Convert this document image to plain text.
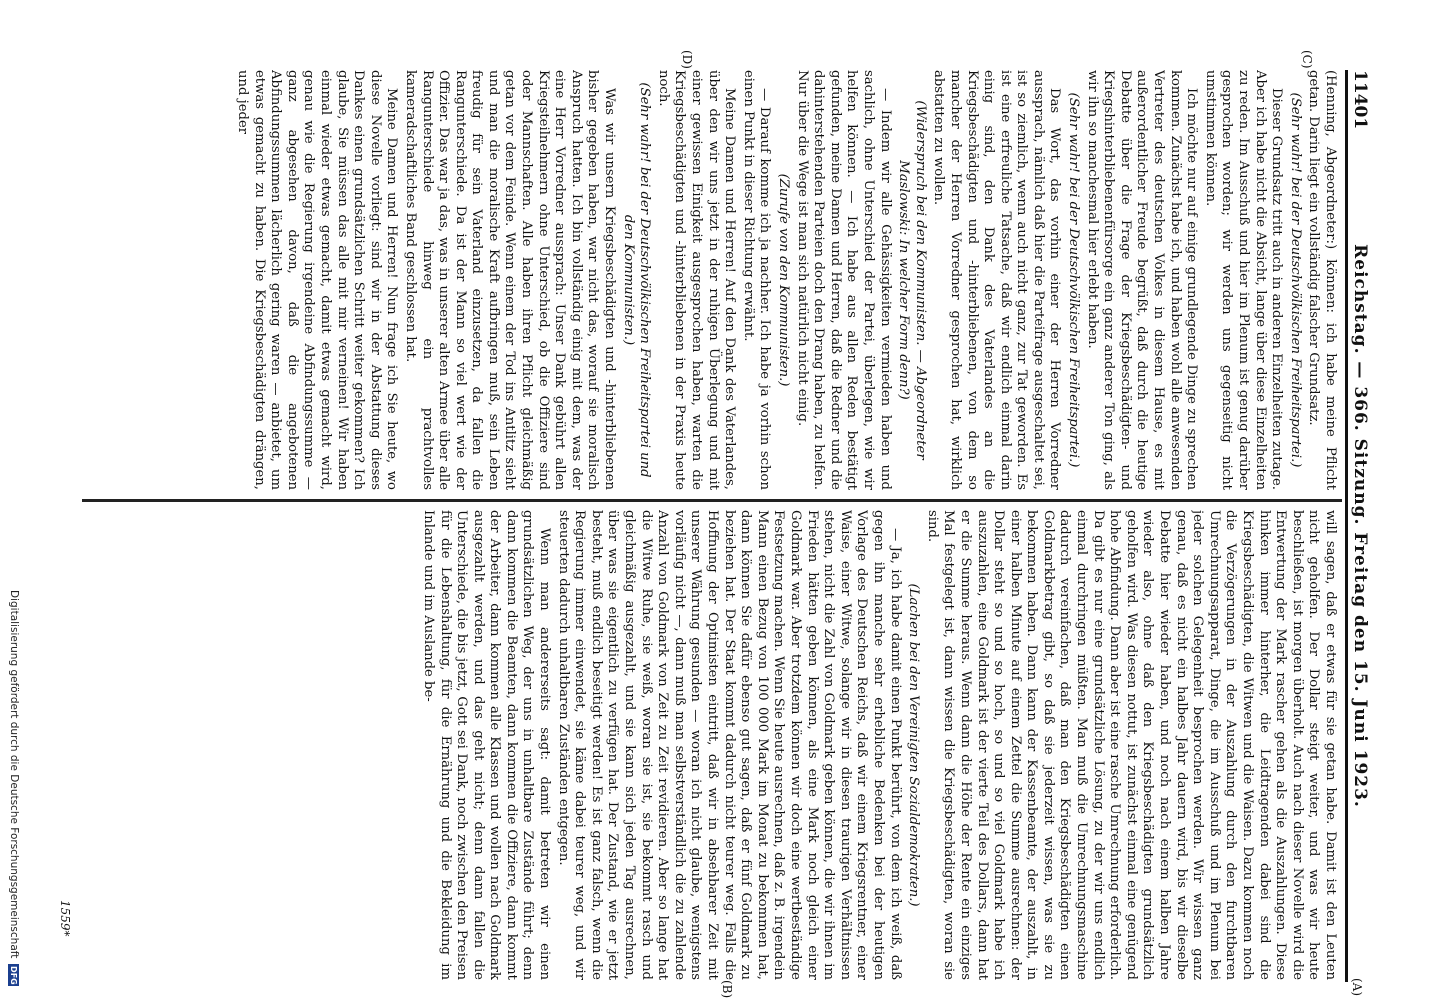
11401
Reichstag. — 366. Sitzung. Freitag den 15. Juni 1923.
(C)
(D)
(A)
(B)

(Henning, Abgeordneter:) können: ich habe meine Pflicht getan. Darin liegt ein vollständig falscher Grundsatz.

(Sehr wahr! bei der Deutschvölkischen Freiheitspartei.)

Dieser Grundsatz tritt auch in anderen Einzelheiten zutage. Aber ich habe nicht die Absicht, lange über diese Einzelheiten zu reden. Im Ausschuß und hier im Plenum ist genug darüber gesprochen worden; wir werden uns gegenseitig nicht umstimmen können.

Ich möchte nur auf einige grundlegende Dinge zu sprechen kommen. Zunächst habe ich, und haben wohl alle anwesenden Vertreter des deutschen Volkes in diesem Hause, es mit außerordentlicher Freude begrüßt, daß durch die heutige Debatte über die Frage der Kriegsbeschädigten- und Kriegshinterbliebenenfürsorge ein ganz anderer Ton ging, als wir ihn so manchesmal hier erlebt haben.

(Sehr wahr! bei der Deutschvölkischen Freiheitspartei.)

Das Wort, das vorhin einer der Herren Vorredner aussprach, nämlich daß hier die Parteifrage ausgeschaltet sei, ist so ziemlich, wenn auch nicht ganz, zur Tat geworden. Es ist eine erfreuliche Tatsache, daß wir endlich einmal darin einig sind, den Dank des Vaterlandes an die Kriegsbeschädigten und -hinterbliebenen, von dem so mancher der Herren Vorredner gesprochen hat, wirklich abstatten zu wollen.

(Widerspruch bei den Kommunisten. — Abgeordneter Maslowski: In welcher Form denn?)

— Indem wir alle Gehässigkeiten vermieden haben und sachlich, ohne Unterschied der Partei, überlegen, wie wir helfen können. — Ich habe aus allen Reden bestätigt gefunden, meine Damen und Herren, daß die Redner und die dahinterstehenden Parteien doch den Drang haben, zu helfen. Nur über die Wege ist man sich natürlich nicht einig.

(Zurufe von den Kommunisten.)

— Darauf komme ich ja nachher. Ich habe ja vorhin schon einen Punkt in dieser Richtung erwähnt.

Meine Damen und Herren! Auf den Dank des Vaterlandes, über den wir uns jetzt in der ruhigen Überlegung und mit einer gewissen Einigkeit ausgesprochen haben, warten die Kriegsbeschädigten und -hinterbliebenen in der Praxis heute noch.

(Sehr wahr! bei der Deutschvölkischen Freiheitspartei und den Kommunisten.)

Was wir unsern Kriegsbeschädigten und -hinterbliebenen bisher gegeben haben, war nicht das, worauf sie moralisch Anspruch hatten. Ich bin vollständig einig mit dem, was der eine Herr Vorredner aussprach: Unser Dank gebührt allen Kriegsteilnehmern ohne Unterschied, ob die Offiziere sind oder Mannschaften. Alle haben ihren Pflicht gleichmäßig getan vor dem Feinde. Wenn einem der Tod ins Antlitz sieht und man die moralische Kraft aufbringen muß, sein Leben freudig für sein Vaterland einzusetzen, da fallen die Rangunterschiede. Da ist der Mann so viel wert wie der Offizier. Das war ja das, was in unserer alten Armee über alle Rangunterschiede hinweg ein prachtvolles kameradschaftliches Band geschlossen hat.

Meine Damen und Herren! Nun frage ich Sie heute, wo diese Novelle vorliegt: sind wir in der Abstattung dieses Dankes einen grundsätzlichen Schritt weiter gekommen? Ich glaube, Sie müssen das alle mit mir verneinen! Wir haben einmal wieder etwas gemacht, damit etwas gemacht wird, genau wie die Regierung irgendeine Abfindungssumme — ganz abgesehen davon, daß die angebotenen Abfindungssummen lächerlich gering waren — anbietet, um etwas gemacht zu haben. Die Kriegsbeschädigten drängen, und jeder

will sagen, daß er etwas für sie getan habe. Damit ist den Leuten nicht geholfen. Der Dollar steigt weiter, und was wir heute beschließen, ist morgen überholt. Auch nach dieser Novelle wird die Entwertung der Mark rascher gehen als die Auszahlungen. Diese hinken immer hinterher, die Leidtragenden dabei sind die Kriegsbeschädigten, die Witwen und die Waisen. Dazu kommen noch die Verzögerungen in der Auszahlung durch den furchtbaren Umrechnungsapparat, Dinge, die im Ausschuß und im Plenum bei jeder solchen Gelegenheit besprochen werden. Wir wissen ganz genau, daß es nicht ein halbes Jahr dauern wird, bis wir dieselbe Debatte hier wieder haben, und noch nach einem halben Jahre wieder also, ohne daß den Kriegsbeschädigten grundsätzlich geholfen wird. Was diesen nottut, ist zunächst einmal eine genügend hohe Abfindung. Dann aber ist eine rasche Umrechnung erforderlich. Da gibt es nur eine grundsätzliche Lösung, zu der wir uns endlich einmal durchringen müßten. Man muß die Umrechnungsmaschine dadurch vereinfachen, daß man den Kriegsbeschädigten einen Goldmarkbetrag gibt, so daß sie jederzeit wissen, was sie zu bekommen haben. Dann kann der Kassenbeamte, der auszahlt, in einer halben Minute auf einem Zettel die Summe ausrechnen: der Dollar steht so und so hoch, so und so viel Goldmark habe ich auszuzahlen, eine Goldmark ist der vierte Teil des Dollars, dann hat er die Summe heraus. Wenn dann die Höhe der Rente ein einziges Mal festgelegt ist, dann wissen die Kriegsbeschädigten, woran sie sind.

(Lachen bei den Vereinigten Sozialdemokraten.)

— Ja, ich habe damit einen Punkt berührt, von dem ich weiß, daß gegen ihn manche sehr erhebliche Bedenken bei der heutigen Vorlage des Deutschen Reichs, daß wir einem Kriegsrentner, einer Waise, einer Witwe, solange wir in diesen traurigen Verhältnissen stehen, nicht die Zahl von Goldmark geben können, die wir ihnen im Frieden hätten geben können, als eine Mark noch gleich einer Goldmark war. Aber trotzdem können wir doch eine wertbeständige Festsetzung machen. Wenn Sie heute ausrechnen, daß z. B. irgendein Mann einen Bezug von 100 000 Mark im Monat zu bekommen hat, dann können Sie dafür ebenso gut sagen, daß er fünf Goldmark zu beziehen hat. Der Staat kommt dadurch nicht teurer weg. Falls die Hoffnung der Optimisten eintritt, daß wir in absehbarer Zeit mit unserer Währung gesunden — woran ich nicht glaube, wenigstens vorläufig nicht —, dann muß man selbstverständlich die zu zahlende Anzahl von Goldmark von Zeit zu Zeit revidieren. Aber so lange hat die Witwe Ruhe, sie weiß, woran sie ist, sie bekommt rasch und gleichmäßig ausgezahlt, und sie kann sich jeden Tag ausrechnen, über was sie eigentlich zu verfügen hat. Der Zustand, wie er jetzt besteht, muß endlich beseitigt werden! Es ist ganz falsch, wenn die Regierung immer einwendet, sie käme dabei teurer weg, und wir steuerten dadurch unhaltbaren Zuständen entgegen.

Wenn man andererseits sagt: damit betreten wir einen grundsätzlichen Weg, der uns in unhaltbare Zustände führt; denn dann kommen die Beamten, dann kommen die Offiziere, dann kommt der Arbeiter, dann kommen alle Klassen und wollen nach Goldmark ausgezahlt werden, und das geht nicht; denn dann fallen die Unterschiede, die bis jetzt, Gott sei Dank, noch zwischen den Preisen für die Lebenshaltung, für die Ernährung und die Bekleidung im Inlande und im Auslande be-

1559*
Digitalisierung gefördert durch die Deutsche Forschungsgemeinschaft
DFG
